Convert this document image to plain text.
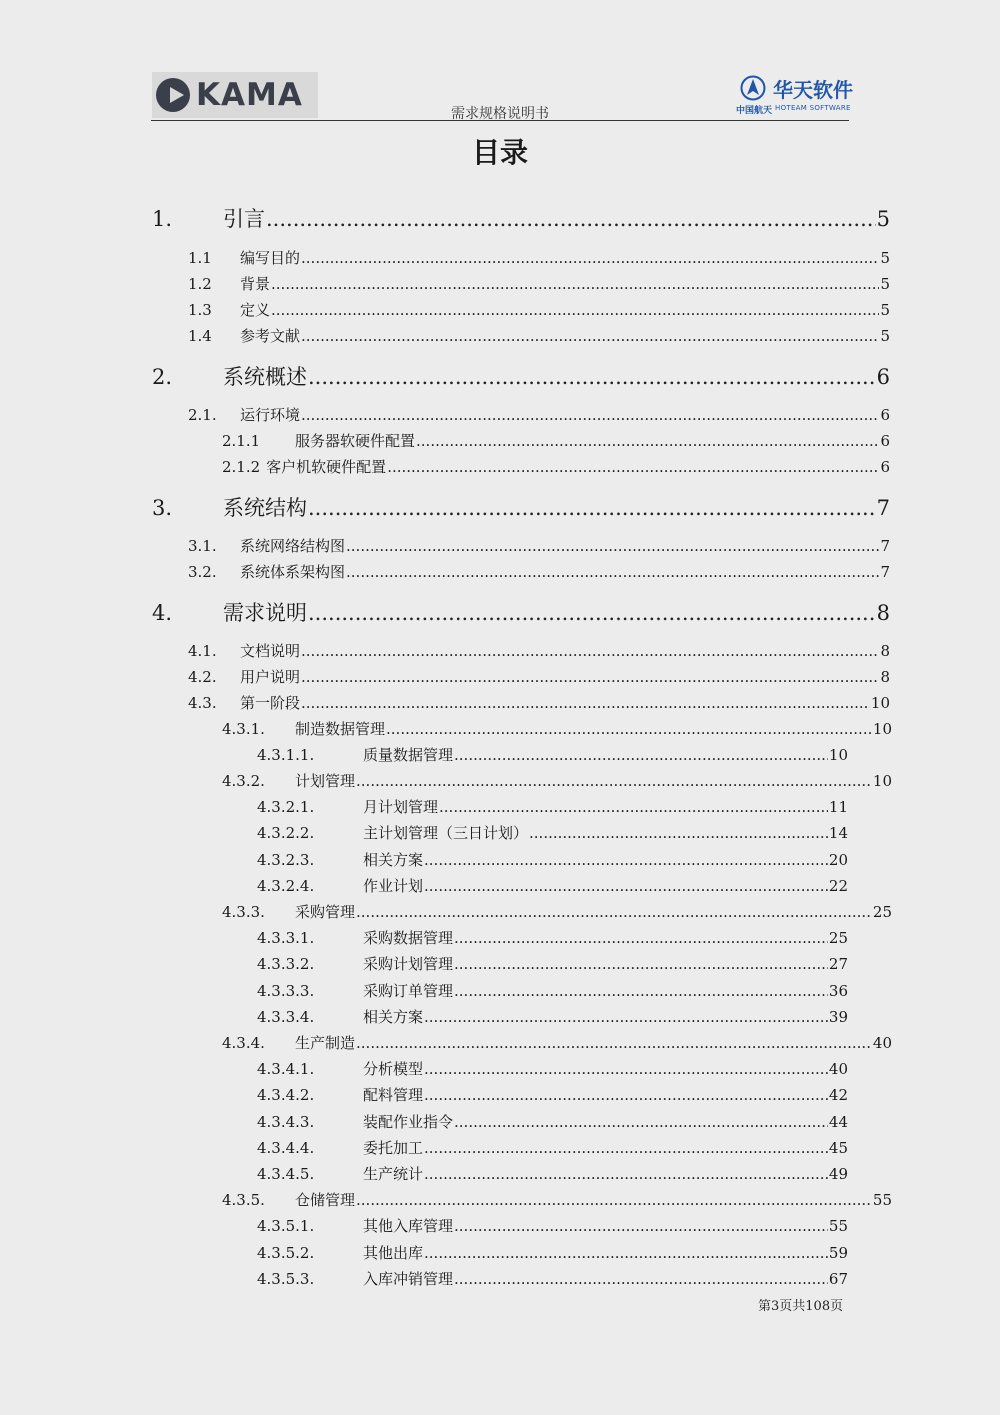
KAMA
需求规格说明书
华天软件
中国航天 HOTEAM SOFTWARE
目录
1.	引言 .....	5
1.1	编写目的 .....	5
1.2	背景 .....	5
1.3	定义 .....	5
1.4	参考文献 .....	5
2.	系统概述 .....	6
2.1.	运行环境 .....	6
2.1.1	服务器软硬件配置 .....	6
2.1.2 客户机软硬件配置 .....	6
3.	系统结构 .....	7
3.1.	系统网络结构图 .....	7
3.2.	系统体系架构图 .....	7
4.	需求说明 .....	8
4.1.	文档说明 .....	8
4.2.	用户说明 .....	8
4.3.	第一阶段 .....	10
4.3.1.	制造数据管理 .....	10
4.3.1.1.	质量数据管理 .....	10
4.3.2.	计划管理 .....	10
4.3.2.1.	月计划管理 .....	11
4.3.2.2.	主计划管理（三日计划） .....	14
4.3.2.3.	相关方案 .....	20
4.3.2.4.	作业计划 .....	22
4.3.3.	采购管理 .....	25
4.3.3.1.	采购数据管理 .....	25
4.3.3.2.	采购计划管理 .....	27
4.3.3.3.	采购订单管理 .....	36
4.3.3.4.	相关方案 .....	39
4.3.4.	生产制造 .....	40
4.3.4.1.	分析模型 .....	40
4.3.4.2.	配料管理 .....	42
4.3.4.3.	装配作业指令 .....	44
4.3.4.4.	委托加工 .....	45
4.3.4.5.	生产统计 .....	49
4.3.5.	仓储管理 .....	55
4.3.5.1.	其他入库管理 .....	55
4.3.5.2.	其他出库 .....	59
4.3.5.3.	入库冲销管理 .....	67
第3页共108页
